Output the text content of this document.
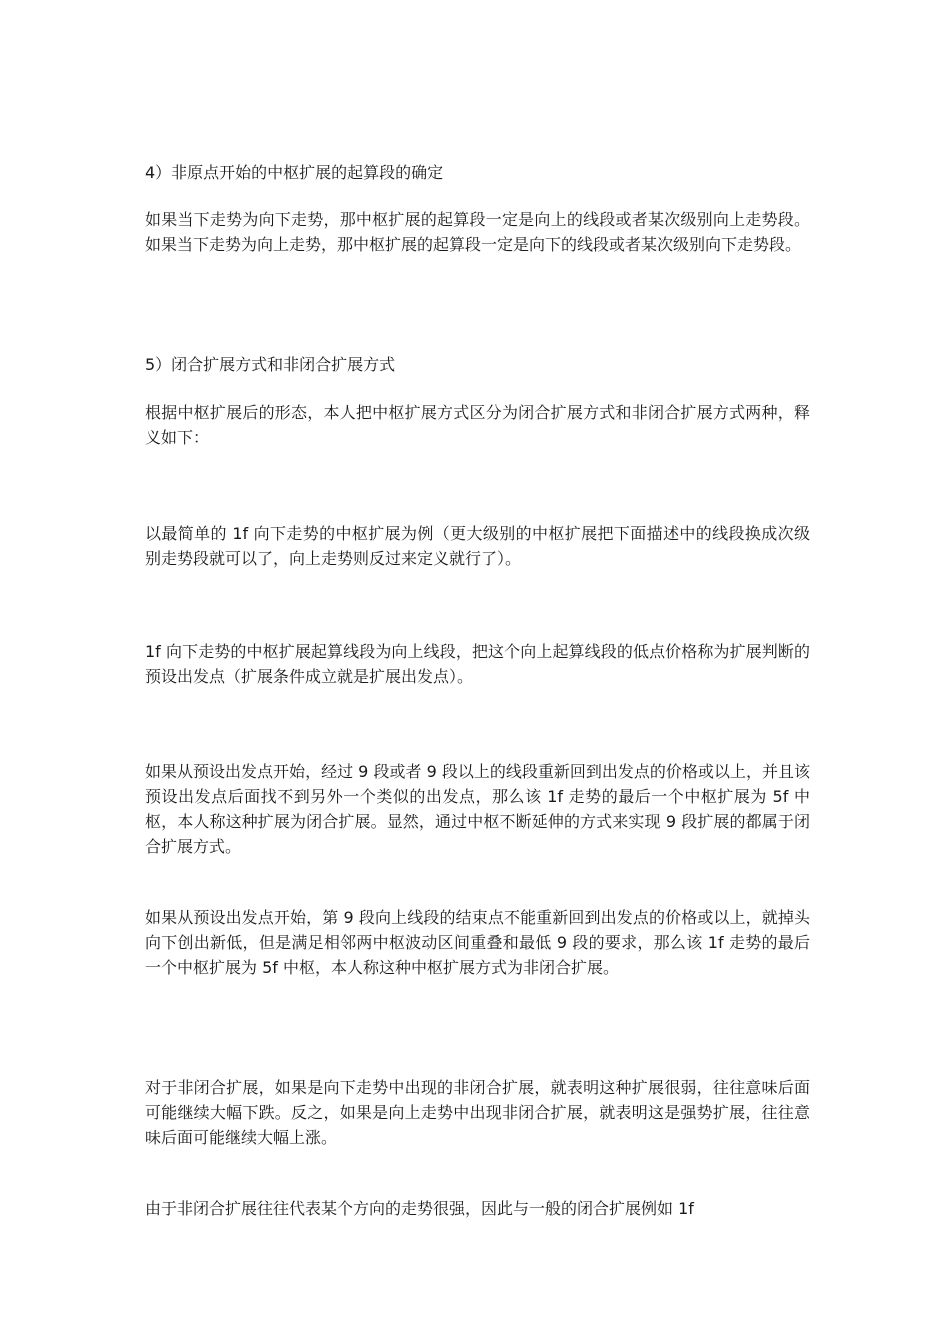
4）非原点开始的中枢扩展的起算段的确定

如果当下走势为向下走势，那中枢扩展的起算段一定是向上的线段或者某次级别向上走势段。如果当下走势为向上走势，那中枢扩展的起算段一定是向下的线段或者某次级别向下走势段。

5）闭合扩展方式和非闭合扩展方式

根据中枢扩展后的形态，本人把中枢扩展方式区分为闭合扩展方式和非闭合扩展方式两种，释义如下：

以最简单的 1f 向下走势的中枢扩展为例（更大级别的中枢扩展把下面描述中的线段换成次级别走势段就可以了，向上走势则反过来定义就行了）。

1f 向下走势的中枢扩展起算线段为向上线段，把这个向上起算线段的低点价格称为扩展判断的预设出发点（扩展条件成立就是扩展出发点）。

如果从预设出发点开始，经过 9 段或者 9 段以上的线段重新回到出发点的价格或以上，并且该预设出发点后面找不到另外一个类似的出发点，那么该 1f 走势的最后一个中枢扩展为 5f 中枢，本人称这种扩展为闭合扩展。显然，通过中枢不断延伸的方式来实现 9 段扩展的都属于闭合扩展方式。

如果从预设出发点开始，第 9 段向上线段的结束点不能重新回到出发点的价格或以上，就掉头向下创出新低，但是满足相邻两中枢波动区间重叠和最低 9 段的要求，那么该 1f 走势的最后一个中枢扩展为 5f 中枢，本人称这种中枢扩展方式为非闭合扩展。

对于非闭合扩展，如果是向下走势中出现的非闭合扩展，就表明这种扩展很弱，往往意味后面可能继续大幅下跌。反之，如果是向上走势中出现非闭合扩展，就表明这是强势扩展，往往意味后面可能继续大幅上涨。

由于非闭合扩展往往代表某个方向的走势很强，因此与一般的闭合扩展例如 1f
